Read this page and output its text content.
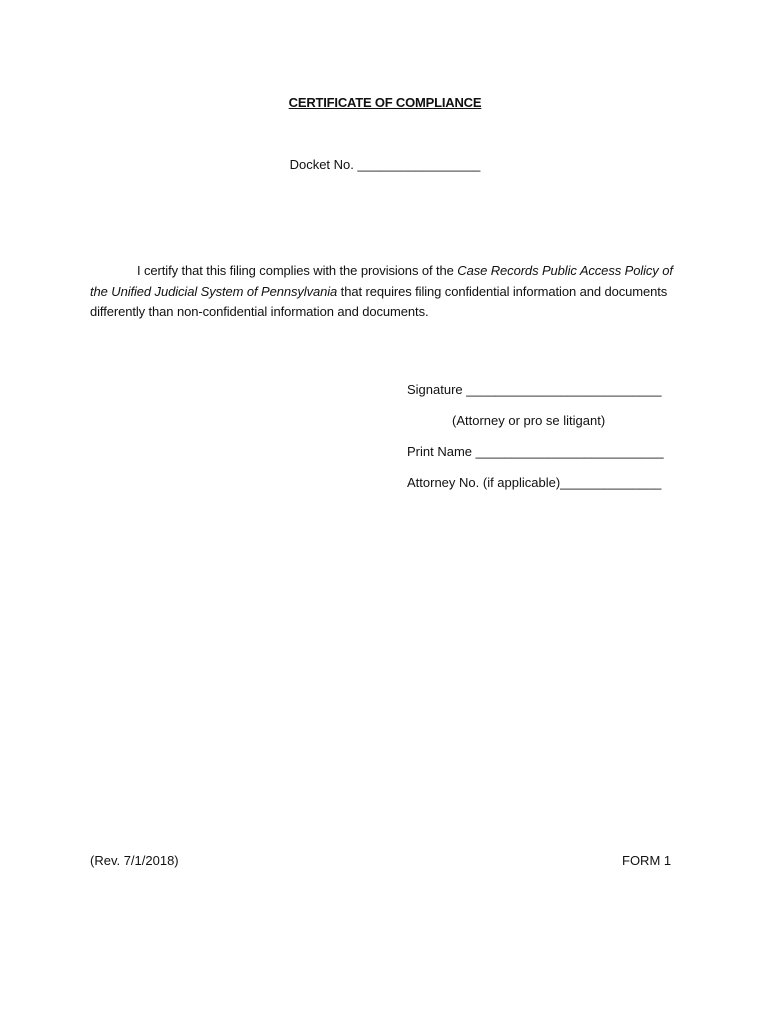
CERTIFICATE OF COMPLIANCE
Docket No. _________________

I certify that this filing complies with the provisions of the Case Records Public Access Policy of the Unified Judicial System of Pennsylvania that requires filing confidential information and documents differently than non-confidential information and documents.

Signature ___________________________
(Attorney or pro se litigant)
Print Name __________________________
Attorney No. (if applicable)______________
(Rev. 7/1/2018)	FORM 1
